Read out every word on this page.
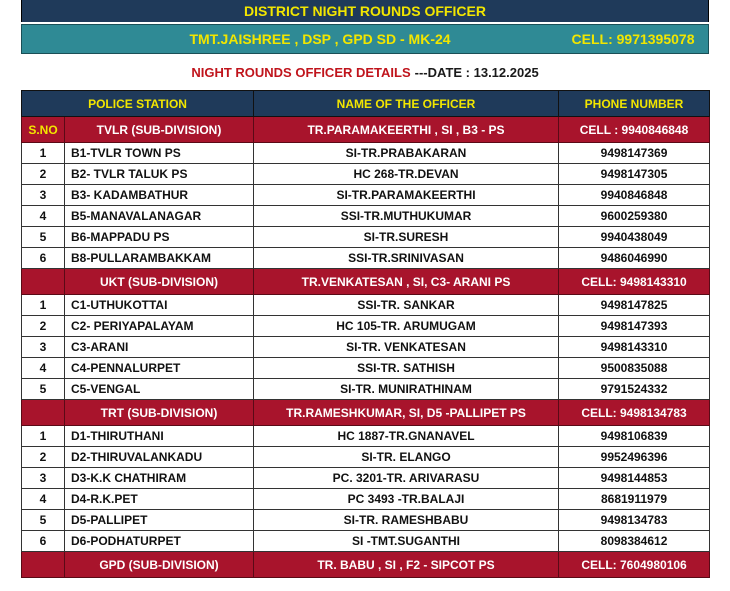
DISTRICT NIGHT ROUNDS OFFICER
TMT.JAISHREE , DSP , GPD SD - MK-24	CELL: 9971395078
NIGHT ROUNDS OFFICER DETAILS ---DATE : 13.12.2025
POLICE STATION		NAME OF THE OFFICER	PHONE NUMBER
S.NO	TVLR (SUB-DIVISION)	TR.PARAMAKEERTHI , SI , B3 - PS	CELL : 9940846848
1	B1-TVLR TOWN PS	SI-TR.PRABAKARAN	9498147369
2	B2- TVLR TALUK PS	HC 268-TR.DEVAN	9498147305
3	B3- KADAMBATHUR	SI-TR.PARAMAKEERTHI	9940846848
4	B5-MANAVALANAGAR	SSI-TR.MUTHUKUMAR	9600259380
5	B6-MAPPADU PS	SI-TR.SURESH	9940438049
6	B8-PULLARAMBAKKAM	SSI-TR.SRINIVASAN	9486046990
	UKT (SUB-DIVISION)	TR.VENKATESAN , SI, C3- ARANI PS	CELL: 9498143310
1	C1-UTHUKOTTAI	SSI-TR. SANKAR	9498147825
2	C2- PERIYAPALAYAM	HC 105-TR. ARUMUGAM	9498147393
3	C3-ARANI	SI-TR. VENKATESAN	9498143310
4	C4-PENNALURPET	SSI-TR. SATHISH	9500835088
5	C5-VENGAL	SI-TR. MUNIRATHINAM	9791524332
	TRT (SUB-DIVISION)	TR.RAMESHKUMAR, SI, D5 -PALLIPET PS	CELL: 9498134783
1	D1-THIRUTHANI	HC 1887-TR.GNANAVEL	9498106839
2	D2-THIRUVALANKADU	SI-TR. ELANGO	9952496396
3	D3-K.K CHATHIRAM	PC. 3201-TR. ARIVARASU	9498144853
4	D4-R.K.PET	PC 3493 -TR.BALAJI	8681911979
5	D5-PALLIPET	SI-TR. RAMESHBABU	9498134783
6	D6-PODHATURPET	SI -TMT.SUGANTHI	8098384612
	GPD (SUB-DIVISION)	TR. BABU , SI , F2 - SIPCOT PS	CELL: 7604980106
